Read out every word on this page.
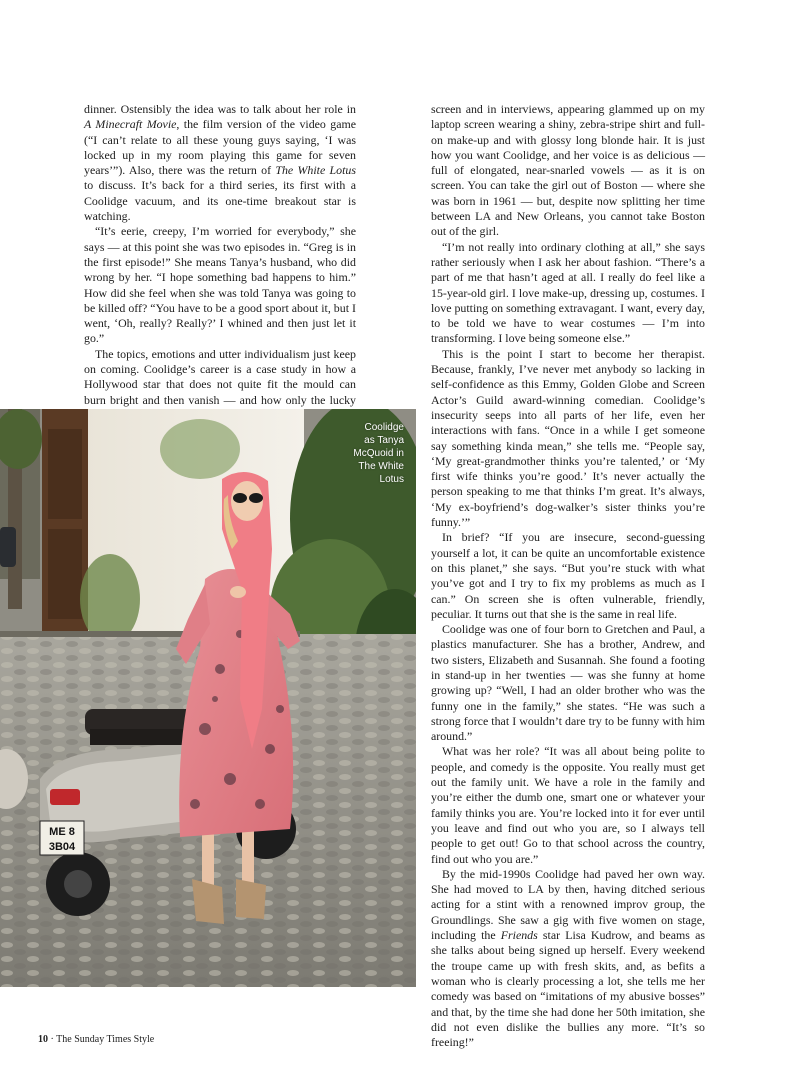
dinner. Ostensibly the idea was to talk about her role in A Minecraft Movie, the film version of the video game (“I can’t relate to all these young guys saying, ‘I was locked up in my room playing this game for seven years’”). Also, there was the return of The White Lotus to discuss. It’s back for a third series, its first with a Coolidge vacuum, and its one-time breakout star is watching.

“It’s eerie, creepy, I’m worried for everybody,” she says — at this point she was two episodes in. “Greg is in the first episode!” She means Tanya’s husband, who did wrong by her. “I hope something bad happens to him.” How did she feel when she was told Tanya was going to be killed off? “You have to be a good sport about it, but I went, ‘Oh, really? Really?’ I whined and then just let it go.”

The topics, emotions and utter individualism just keep on coming. Coolidge’s career is a case study in how a Hollywood star that does not quite fit the mould can burn bright and then vanish — and how only the lucky

screen and in interviews, appearing glammed up on my laptop screen wearing a shiny, zebra-stripe shirt and full-on make-up and with glossy long blonde hair. It is just how you want Coolidge, and her voice is as delicious — full of elongated, near-snarled vowels — as it is on screen. You can take the girl out of Boston — where she was born in 1961 — but, despite now splitting her time between LA and New Orleans, you cannot take Boston out of the girl.

“I’m not really into ordinary clothing at all,” she says rather seriously when I ask her about fashion. “There’s a part of me that hasn’t aged at all. I really do feel like a 15-year-old girl. I love make-up, dressing up, costumes. I love putting on something extravagant. I want, every day, to be told we have to wear costumes — I’m into transforming. I love being someone else.”

This is the point I start to become her therapist. Because, frankly, I’ve never met anybody so lacking in self-confidence as this Emmy, Golden Globe and Screen Actor’s Guild award-winning comedian. Coolidge’s insecurity seeps into all parts of her life, even her interactions with fans. “Once in a while I get someone say something kinda mean,” she tells me. “People say, ‘My great-grandmother thinks you’re talented,’ or ‘My first wife thinks you’re good.’ It’s never actually the person speaking to me that thinks I’m great. It’s always, ‘My ex-boyfriend’s dog-walker’s sister thinks you’re funny.’”

In brief? “If you are insecure, second-guessing yourself a lot, it can be quite an uncomfortable existence on this planet,” she says. “But you’re stuck with what you’ve got and I try to fix my problems as much as I can.” On screen she is often vulnerable, friendly, peculiar. It turns out that she is the same in real life.

Coolidge was one of four born to Gretchen and Paul, a plastics manufacturer. She has a brother, Andrew, and two sisters, Elizabeth and Susannah. She found a footing in stand-up in her twenties — was she funny at home growing up? “Well, I had an older brother who was the funny one in the family,” she states. “He was such a strong force that I wouldn’t dare try to be funny with him around.”

What was her role? “It was all about being polite to people, and comedy is the opposite. You really must get out the family unit. We have a role in the family and you’re either the dumb one, smart one or whatever your family thinks you are. You’re locked into it for ever until you leave and find out who you are, so I always tell people to get out! Go to that school across the country, find out who you are.”

By the mid-1990s Coolidge had paved her own way. She had moved to LA by then, having ditched serious acting for a stint with a renowned improv group, the Groundlings. She saw a gig with five women on stage, including the Friends star Lisa Kudrow, and beams as she talks about being signed up herself. Every weekend the troupe came up with fresh skits, and, as befits a woman who is clearly processing a lot, she tells me her comedy was based on “imitations of my abusive bosses” and that, by the time she had done her 50th imitation, she did not even dislike the bullies any more. “It’s so freeing!”

ME 8
3B04
Coolidge
as Tanya
McQuoid in
The White
Lotus
10 · The Sunday Times Style
